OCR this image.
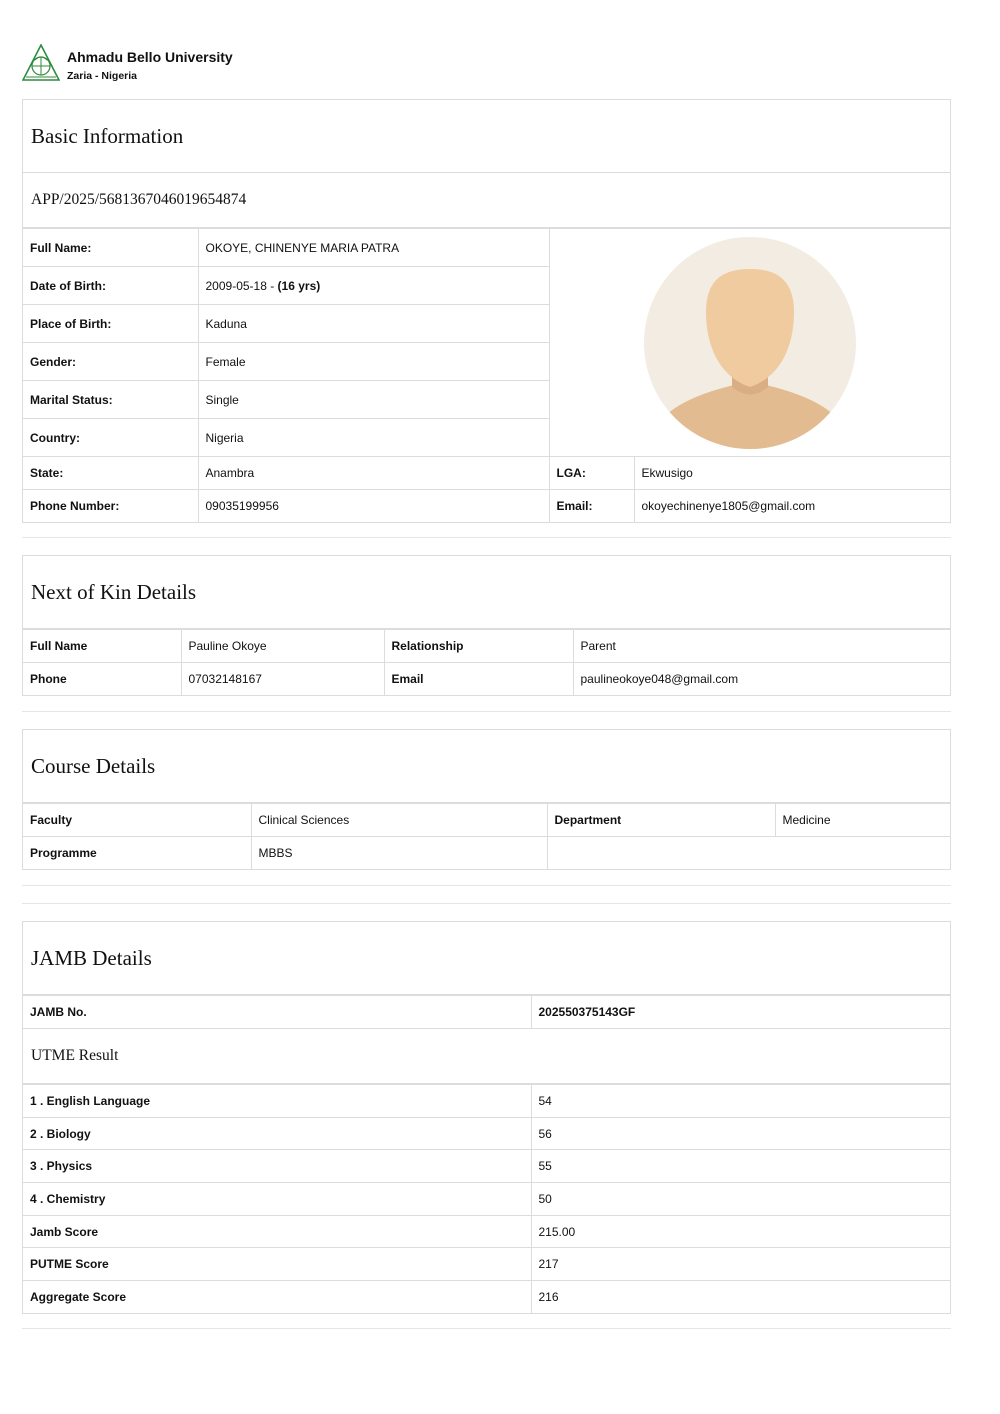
Ahmadu Bello University
Zaria - Nigeria
Basic Information
APP/2025/5681367046019654874
Full Name:	OKOYE, CHINENYE MARIA PATRA	

Date of Birth:	2009-05-18 - (16 yrs)		
Place of Birth:	Kaduna		
Gender:	Female		
Marital Status:	Single		
Country:	Nigeria		
State:	Anambra	LGA:	Ekwusigo
Phone Number:	09035199956	Email:	okoyechinenye1805@gmail.com
Next of Kin Details
Full Name	Pauline Okoye	Relationship	Parent
Phone	07032148167	Email	paulineokoye048@gmail.com
Course Details
Faculty	Clinical Sciences	Department	Medicine
Programme	MBBS		
JAMB Details
JAMB No.	202550375143GF
UTME Result
1 . English Language	54
2 . Biology	56
3 . Physics	55
4 . Chemistry	50
Jamb Score	215.00
PUTME Score	217
Aggregate Score	216
